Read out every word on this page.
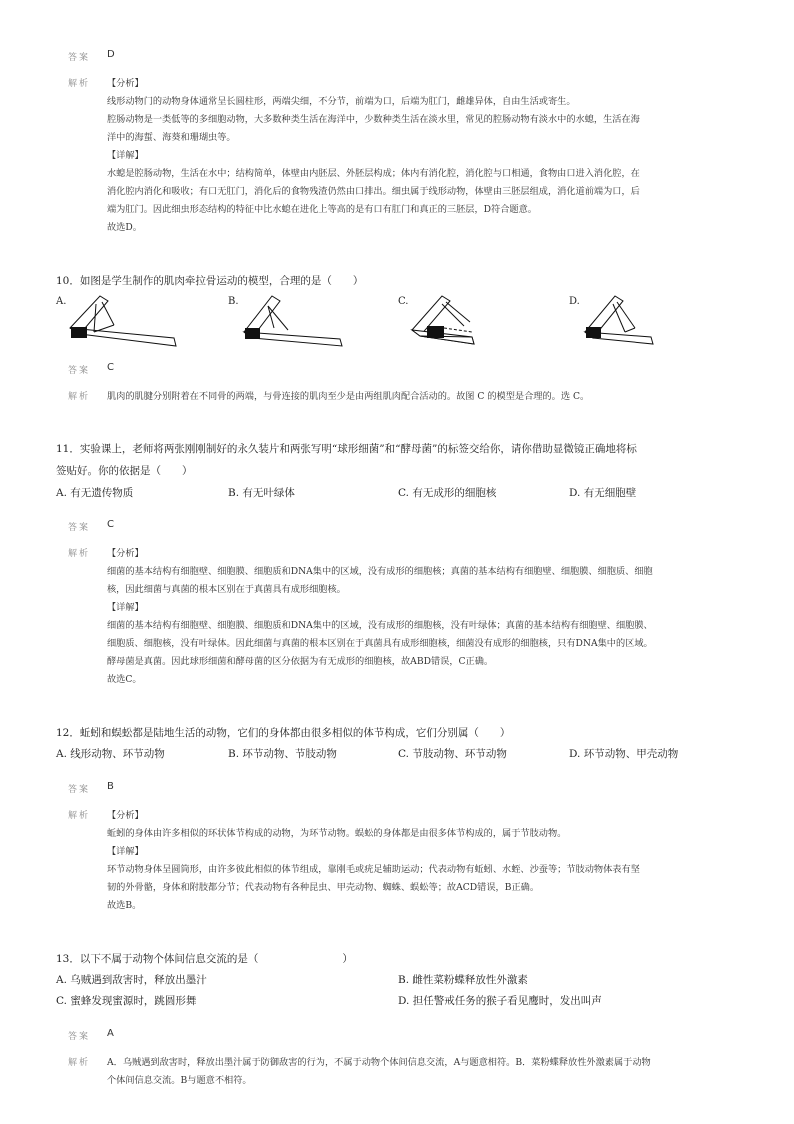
答案 D
解析 【分析】
线形动物门的动物身体通常呈长圆柱形，两端尖细，不分节，前端为口，后端为肛门，雌雄异体，自由生活或寄生。
腔肠动物是一类低等的多细胞动物，大多数种类生活在海洋中，少数种类生活在淡水里，常见的腔肠动物有淡水中的水螅，生活在海
洋中的海蜇、海葵和珊瑚虫等。
【详解】
水螅是腔肠动物，生活在水中；结构简单，体壁由内胚层、外胚层构成；体内有消化腔，消化腔与口相通，食物由口进入消化腔，在
消化腔内消化和吸收；有口无肛门，消化后的食物残渣仍然由口排出。细虫属于线形动物，体壁由三胚层组成，消化道前端为口，后
端为肛门。因此细虫形态结构的特征中比水螅在进化上等高的是有口有肛门和真正的三胚层，D符合题意。
故选D。
10．如图是学生制作的肌肉牵拉骨运动的模型，合理的是（　　）
A.	B.	C.	D.
答案 C
解析 肌肉的肌腱分别附着在不同骨的两端，与骨连接的肌肉至少是由两组肌肉配合活动的。故图 C 的模型是合理的。选 C。
11．实验课上，老师将两张刚刚制好的永久装片和两张写明“球形细菌”和“酵母菌”的标签交给你，请你借助显微镜正确地将标
签贴好。你的依据是（　　）
A. 有无遗传物质	B. 有无叶绿体	C. 有无成形的细胞核	D. 有无细胞壁
答案 C
解析 【分析】
细菌的基本结构有细胞壁、细胞膜、细胞质和DNA集中的区域，没有成形的细胞核；真菌的基本结构有细胞壁、细胞膜、细胞质、细胞
核，因此细菌与真菌的根本区别在于真菌具有成形细胞核。
【详解】
细菌的基本结构有细胞壁、细胞膜、细胞质和DNA集中的区域，没有成形的细胞核，没有叶绿体；真菌的基本结构有细胞壁、细胞膜、
细胞质、细胞核，没有叶绿体。因此细菌与真菌的根本区别在于真菌具有成形细胞核，细菌没有成形的细胞核，只有DNA集中的区域。
酵母菌是真菌。因此球形细菌和酵母菌的区分依据为有无成形的细胞核，故ABD错误，C正确。
故选C。
12．蚯蚓和蜈蚣都是陆地生活的动物，它们的身体都由很多相似的体节构成，它们分别属（　　）
A. 线形动物、环节动物	B. 环节动物、节肢动物	C. 节肢动物、环节动物	D. 环节动物、甲壳动物
答案 B
解析 【分析】
蚯蚓的身体由许多相似的环状体节构成的动物，为环节动物。蜈蚣的身体都是由很多体节构成的，属于节肢动物。
【详解】
环节动物身体呈圆筒形，由许多彼此相似的体节组成，靠刚毛或疣足辅助运动；代表动物有蚯蚓、水蛭、沙蚕等；节肢动物体表有坚
韧的外骨骼，身体和附肢都分节；代表动物有各种昆虫、甲壳动物、蜘蛛、蜈蚣等；故ACD错误，B正确。
故选B。
13．以下不属于动物个体间信息交流的是（　　　　　　　　）
A. 乌贼遇到敌害时，释放出墨汁	B. 雌性菜粉蝶释放性外激素
C. 蜜蜂发现蜜源时，跳圆形舞	D. 担任警戒任务的猴子看见鹰时，发出叫声
答案 A
解析 A．乌贼遇到敌害时，释放出墨汁属于防御敌害的行为，不属于动物个体间信息交流，A与题意相符。B．菜粉蝶释放性外激素属于动物
个体间信息交流。B与题意不相符。
